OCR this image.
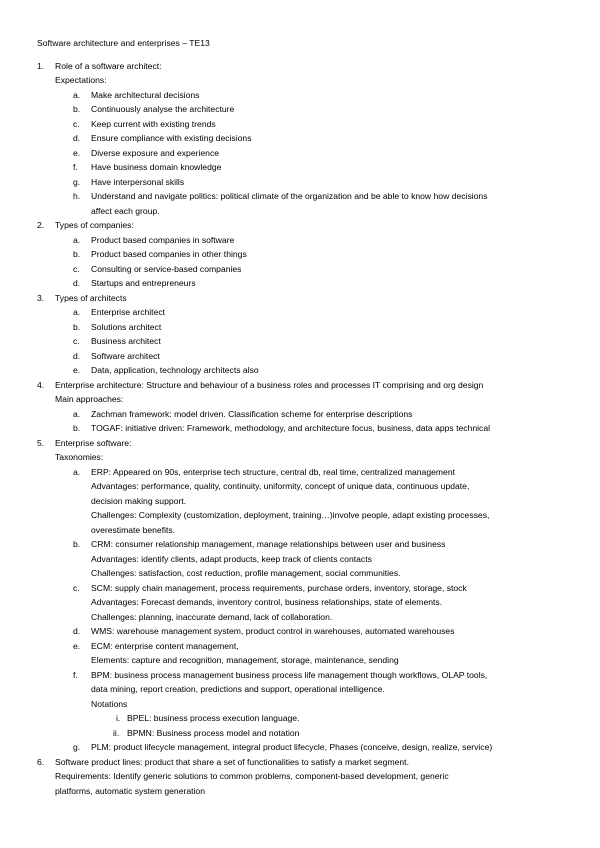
Software architecture and enterprises – TE13
1. Role of a software architect:
Expectations:
a. Make architectural decisions
b. Continuously analyse the architecture
c. Keep current with existing trends
d. Ensure compliance with existing decisions
e. Diverse exposure and experience
f. Have business domain knowledge
g. Have interpersonal skills
h. Understand and navigate politics: political climate of the organization and be able to know how decisions
affect each group.
2. Types of companies:
a. Product based companies in software
b. Product based companies in other things
c. Consulting or service-based companies
d. Startups and entrepreneurs
3. Types of architects
a. Enterprise architect
b. Solutions architect
c. Business architect
d. Software architect
e. Data, application, technology architects also
4. Enterprise architecture: Structure and behaviour of a business roles and processes IT comprising and org design
Main approaches:
a. Zachman framework: model driven. Classification scheme for enterprise descriptions
b. TOGAF: initiative driven: Framework, methodology, and architecture focus, business, data apps technical
5. Enterprise software:
Taxonomies:
a. ERP: Appeared on 90s, enterprise tech structure, central db, real time, centralized management
Advantages: performance, quality, continuity, uniformity, concept of unique data, continuous update,
decision making support.
Challenges: Complexity (customization, deployment, training…)involve people, adapt existing processes,
overestimate benefits.
b. CRM: consumer relationship management, manage relationships between user and business
Advantages: identify clients, adapt products, keep track of clients contacts
Challenges: satisfaction, cost reduction, profile management, social communities.
c. SCM: supply chain management, process requirements, purchase orders, inventory, storage, stock
Advantages: Forecast demands, inventory control, business relationships, state of elements.
Challenges: planning, inaccurate demand, lack of collaboration.
d. WMS: warehouse management system, product control in warehouses, automated warehouses
e. ECM: enterprise content management,
Elements: capture and recognition, management, storage, maintenance, sending
f. BPM: business process management business process life management though workflows, OLAP tools,
data mining, report creation, predictions and support, operational intelligence.
Notations
i. BPEL: business process execution language.
ii. BPMN: Business process model and notation
g. PLM: product lifecycle management, integral product lifecycle, Phases (conceive, design, realize, service)
6. Software product lines: product that share a set of functionalities to satisfy a market segment.
Requirements: Identify generic solutions to common problems, component-based development, generic
platforms, automatic system generation
